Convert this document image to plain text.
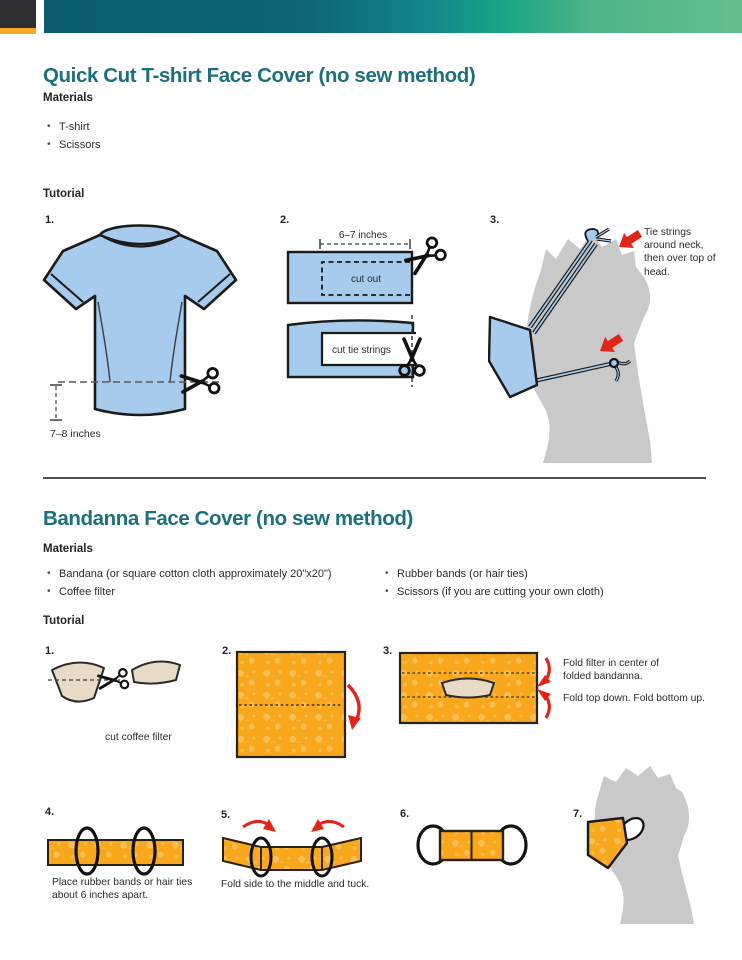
Quick Cut T-shirt Face Cover (no sew method)
Materials
• T-shirt
• Scissors
Tutorial
1.
7–8 inches
2.
6–7 inches
cut out
cut tie strings
3.
Tie strings around neck, then over top of head.
Bandanna Face Cover (no sew method)
Materials
• Bandana (or square cotton cloth approximately 20"x20")
• Coffee filter
• Rubber bands (or hair ties)
• Scissors (if you are cutting your own cloth)
Tutorial
1.
cut coffee filter
2.	3.
Fold filter in center of folded bandanna.
Fold top down. Fold bottom up.
4.
Place rubber bands or hair ties about 6 inches apart.
5.
Fold side to the middle and tuck.
6.	7.
